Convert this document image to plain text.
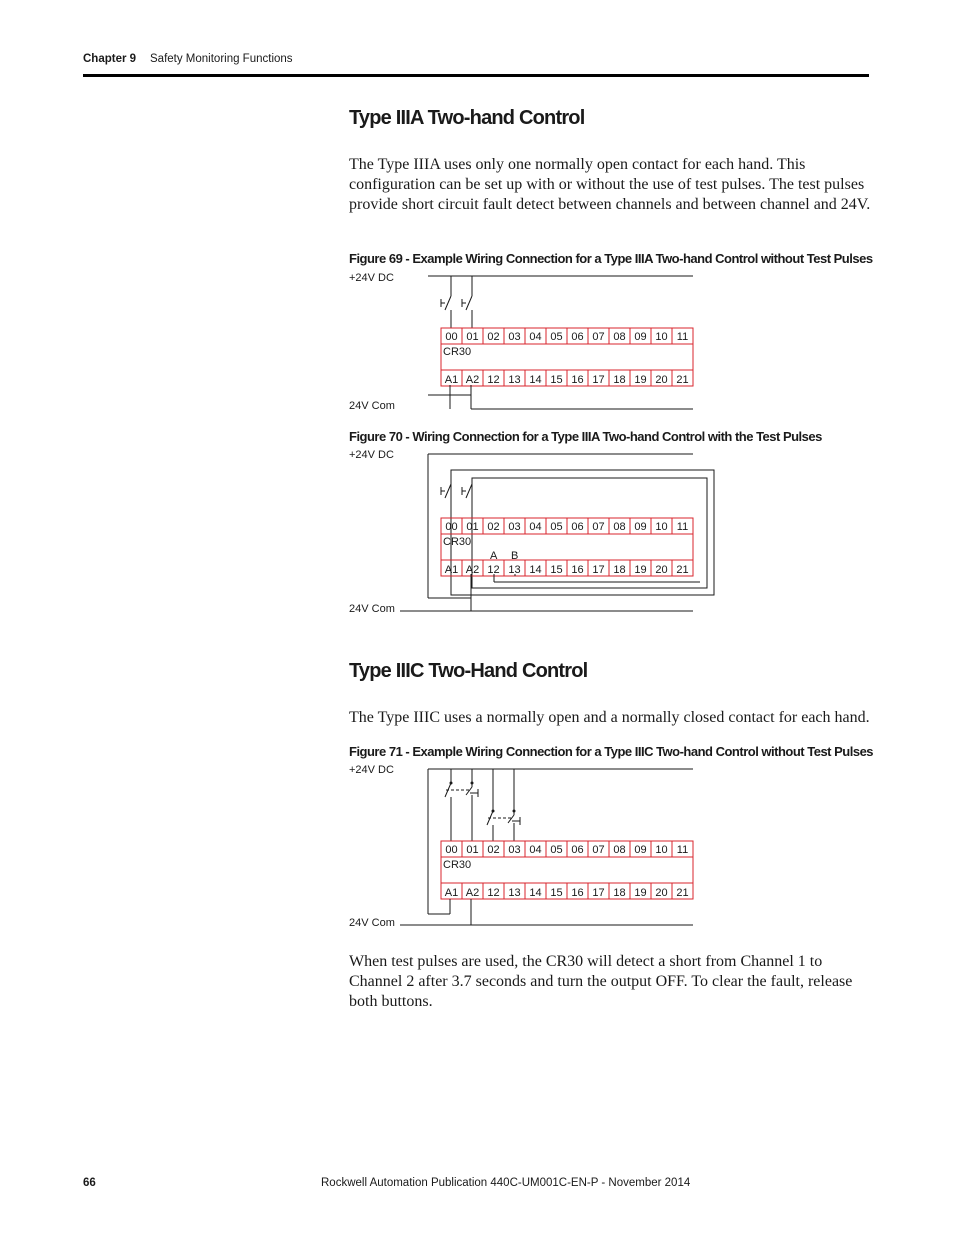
Chapter 9 Safety Monitoring Functions
Type IIIA Two-hand Control
The Type IIIA uses only one normally open contact for each hand. This configuration can be set up with or without the use of test pulses. The test pulses provide short circuit fault detect between channels and between channel and 24V.
Figure 69 - Example Wiring Connection for a Type IIIA Two-hand Control without Test Pulses
+24V DC
00
A1
01
A2
02
12
03
13
04
14
05
15
06
16
07
17
08
18
09
19
10
20
11
21
CR30
24V Com
Figure 70 - Wiring Connection for a Type IIIA Two-hand Control with the Test Pulses
+24V DC
00
A1
01
A2
02
12
03
13
04
14
05
15
06
16
07
17
08
18
09
19
10
20
11
21
CR30
A B
24V Com
Type IIIC Two-Hand Control
The Type IIIC uses a normally open and a normally closed contact for each hand.
Figure 71 - Example Wiring Connection for a Type IIIC Two-hand Control without Test Pulses
+24V DC
00
A1
01
A2
02
12
03
13
04
14
05
15
06
16
07
17
08
18
09
19
10
20
11
21
CR30
24V Com
When test pulses are used, the CR30 will detect a short from Channel 1 to Channel 2 after 3.7 seconds and turn the output OFF. To clear the fault, release both buttons.
66	Rockwell Automation Publication 440C-UM001C-EN-P - November 2014
